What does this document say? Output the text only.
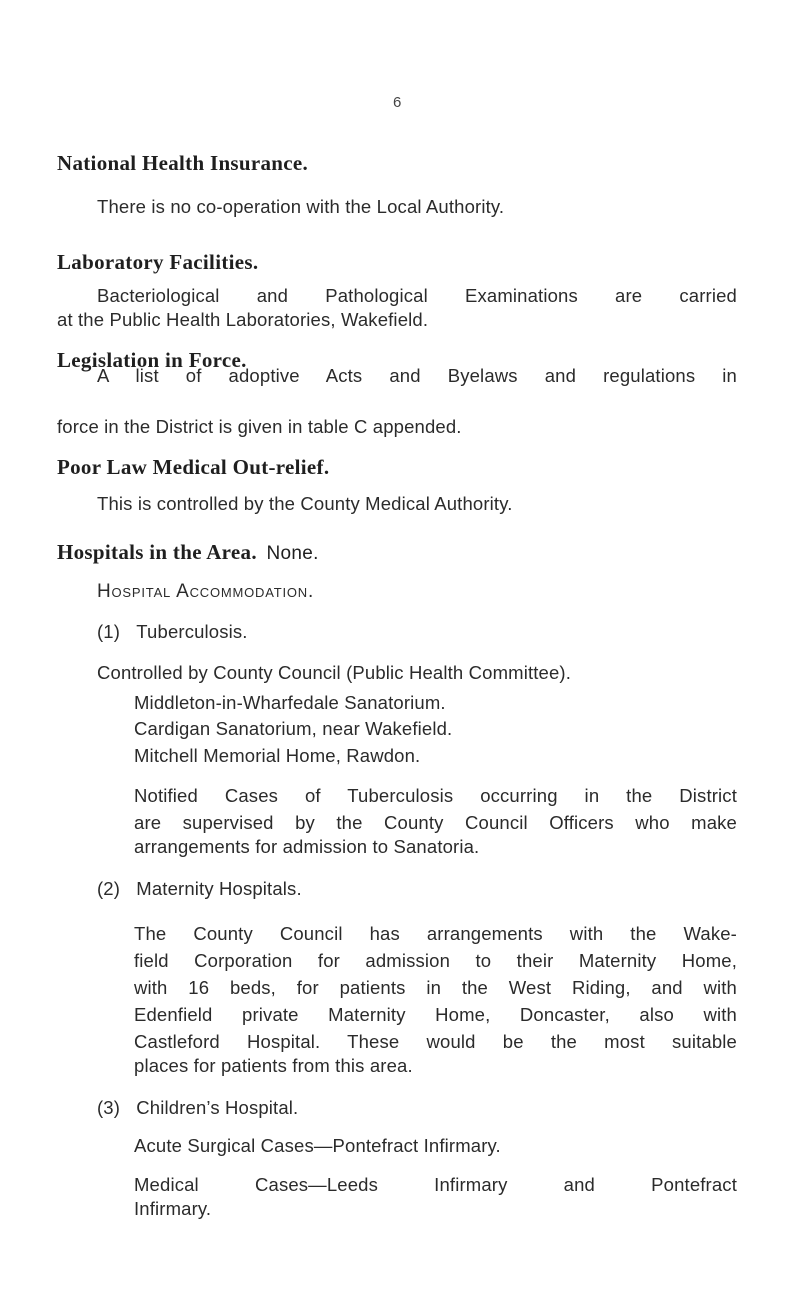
6
National Health Insurance.
There is no co-operation with the Local Authority.
Laboratory Facilities.
Bacteriological and Pathological Examinations are carried
at the Public Health Laboratories, Wakefield.
Legislation in Force.
A list of adoptive Acts and Byelaws and regulations in
force in the District is given in table C appended.
Poor Law Medical Out-relief.
This is controlled by the County Medical Authority.
Hospitals in the Area. None.
Hospital Accommodation.
(1) Tuberculosis.
Controlled by County Council (Public Health Committee).
Middleton-in-Wharfedale Sanatorium.
Cardigan Sanatorium, near Wakefield.
Mitchell Memorial Home, Rawdon.
Notified Cases of Tuberculosis occurring in the District
are supervised by the County Council Officers who make
arrangements for admission to Sanatoria.
(2) Maternity Hospitals.
The County Council has arrangements with the Wake-
field Corporation for admission to their Maternity Home,
with 16 beds, for patients in the West Riding, and with
Edenfield private Maternity Home, Doncaster, also with
Castleford Hospital. These would be the most suitable
places for patients from this area.
(3) Children’s Hospital.
Acute Surgical Cases—Pontefract Infirmary.
Medical Cases—Leeds Infirmary and Pontefract
Infirmary.
